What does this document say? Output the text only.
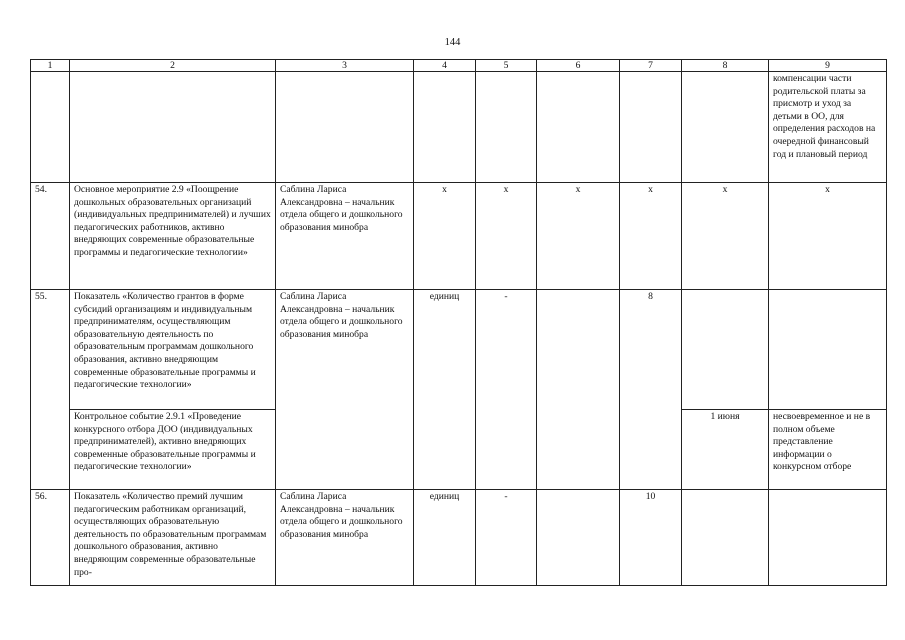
144
1	2	3	4	5	6	7	8	9
								компенсации части родительской платы за присмотр и уход за детьми в ОО, для определения расходов на очередной финансовый год и плановый период
54.	Основное мероприятие 2.9 «Поощрение дошкольных образовательных организаций (индивидуальных предпринимателей) и лучших педагогических работников, активно внедряющих современные образовательные программы и педагогические технологии»	Саблина Лариса Александровна – начальник отдела общего и дошкольного образования минобра	х	х	х	х	х	х
55.	Показатель «Количество грантов в форме субсидий организациям и индивидуальным предпринимателям, осуществляющим образовательную деятельность по образовательным программам дошкольного образования, активно внедряющим современные образовательные программы и педагогические технологии»	Саблина Лариса Александровна – начальник отдела общего и дошкольного образования минобра	единиц	-		8		
	Контрольное событие 2.9.1 «Проведение конкурсного отбора ДОО (индивидуальных предпринимателей), активно внедряющих современные образовательные программы и педагогические технологии»						1 июня	несвоевременное и не в полном объеме представление информации о конкурсном отборе
56.	Показатель «Количество премий лучшим педагогическим работникам организаций, осуществляющих образовательную деятельность по образовательным программам дошкольного образования, активно внедряющим современные образовательные про-	Саблина Лариса Александровна – начальник отдела общего и дошкольного образования минобра	единиц	-		10		
